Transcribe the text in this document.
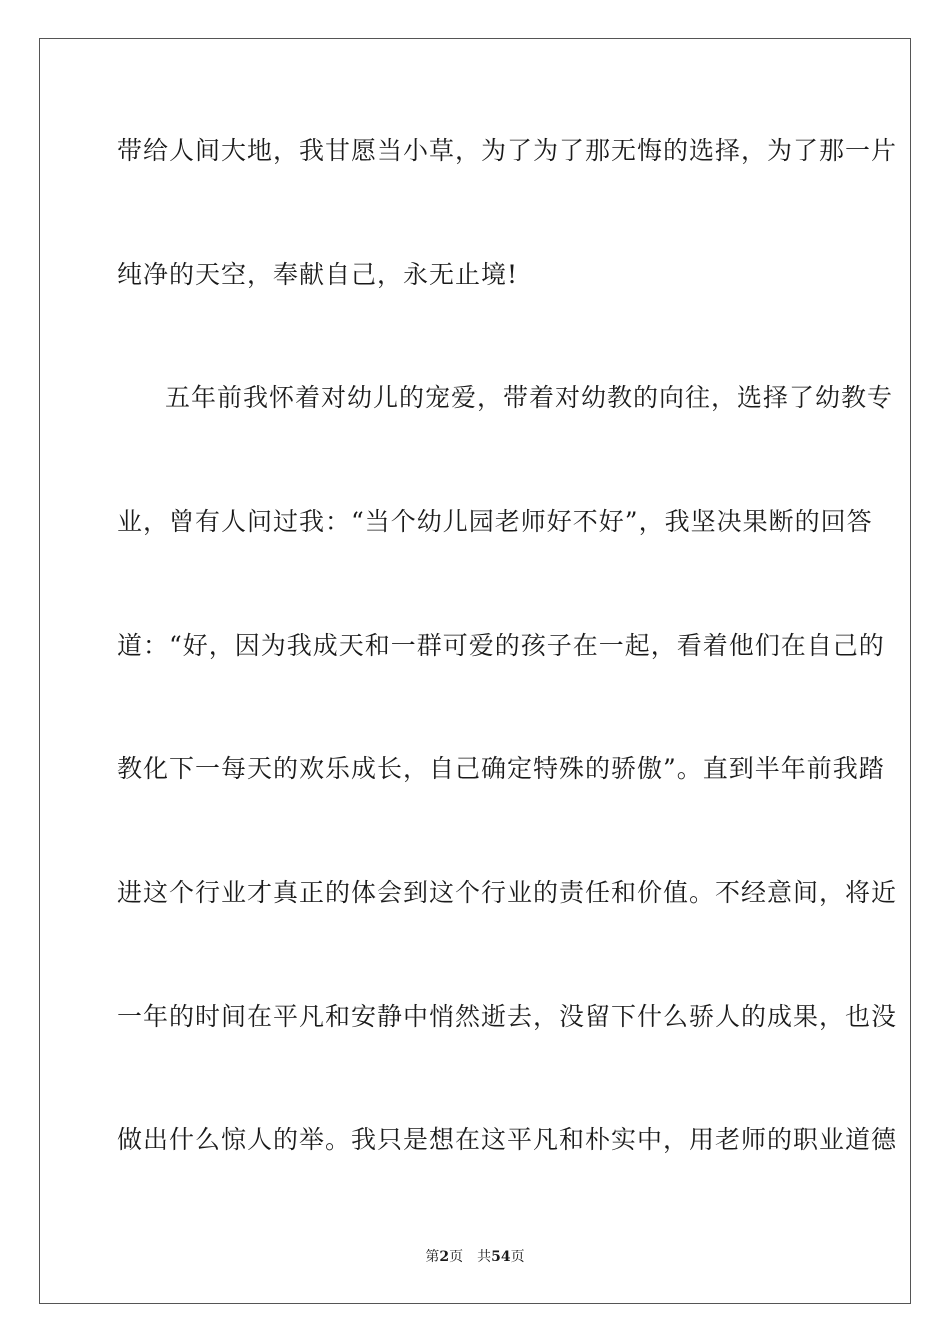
带给人间大地，我甘愿当小草，为了为了那无悔的选择，为了那一片
纯净的天空，奉献自己，永无止境!
五年前我怀着对幼儿的宠爱，带着对幼教的向往，选择了幼教专
业，曾有人问过我：“当个幼儿园老师好不好”，我坚决果断的回答
道：“好，因为我成天和一群可爱的孩子在一起，看着他们在自己的
教化下一每天的欢乐成长，自己确定特殊的骄傲”。直到半年前我踏
进这个行业才真正的体会到这个行业的责任和价值。不经意间，将近
一年的时间在平凡和安静中悄然逝去，没留下什么骄人的成果，也没
做出什么惊人的举。我只是想在这平凡和朴实中，用老师的职业道德
第2页 共54页
